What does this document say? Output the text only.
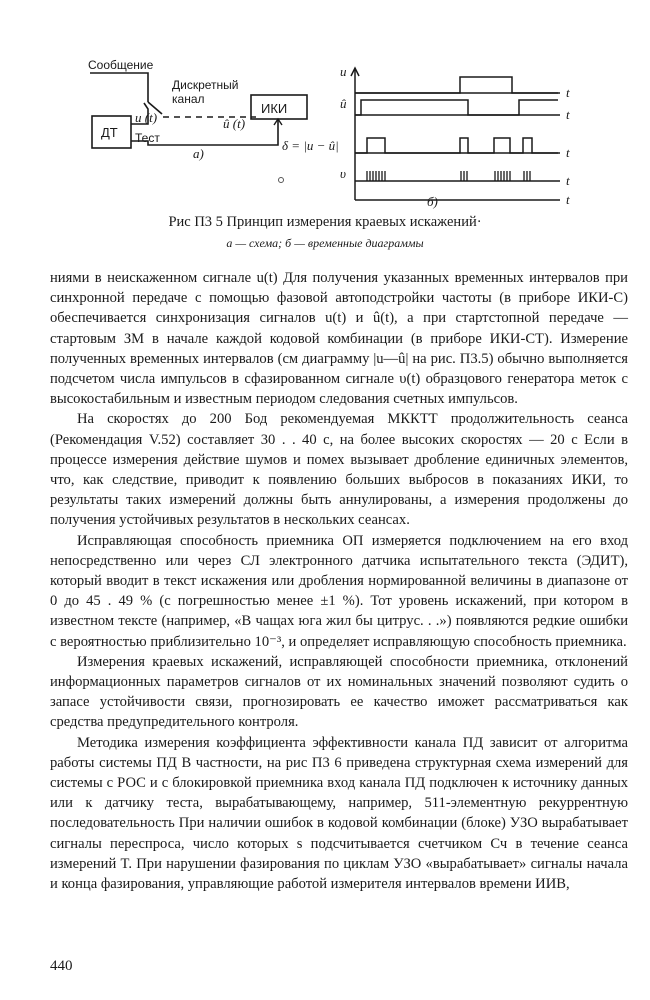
Сообщение
Дискретный
канал
ИКИ
ДТ
u (t)
Тест
û (t)
а)
u
û
δ = |u − û|
υ
t
t
t
t
t
б)
Рис П3 5 Принцип измерения краевых искажений·
а — схема; б — временные диаграммы

ниями в неискаженном сигнале u(t) Для получения указанных временных интервалов при синхронной передаче с помощью фазовой автоподстройки частоты (в приборе ИКИ-С) обеспечивается синхронизация сигналов u(t) и û(t), а при стартстопной передаче — стартовым ЗМ в начале каждой кодовой комбинации (в приборе ИКИ-СТ). Измерение полученных временных интервалов (см диаграмму |u—û| на рис. П3.5) обычно выполняется подсчетом числа импульсов в сфазированном сигнале υ(t) образцового генератора меток с высокостабильным и известным периодом следования счетных импульсов.

На скоростях до 200 Бод рекомендуемая МККТТ продолжительность сеанса (Рекомендация V.52) составляет 30 . . 40 с, на более высоких скоростях — 20 с Если в процессе измерения действие шумов и помех вызывает дробление единичных элементов, что, как следствие, приводит к появлению больших выбросов в показаниях ИКИ, то результаты таких измерений должны быть аннулированы, а измерения продолжены до получения устойчивых результатов в нескольких сеансах.

Исправляющая способность приемника ОП измеряется подключением на его вход непосредственно или через СЛ электронного датчика испытательного текста (ЭДИТ), который вводит в текст искажения или дробления нормированной величины в диапазоне от 0 до 45 . 49 % (с погрешностью менее ±1 %). Тот уровень искажений, при котором в известном тексте (например, «В чащах юга жил бы цитрус. . .») появляются редкие ошибки с вероятностью приблизительно 10⁻³, и определяет исправляющую способность приемника.

Измерения краевых искажений, исправляющей способности приемника, отклонений информационных параметров сигналов от их номинальных значений позволяют судить о запасе устойчивости связи, прогнозировать ее качество иможет рассматриваться как средства предупредительного контроля.

Методика измерения коэффициента эффективности канала ПД зависит от алгоритма работы системы ПД В частности, на рис П3 6 приведена структурная схема измерений для системы с РОС и с блокировкой приемника вход канала ПД подключен к источнику данных или к датчику теста, вырабатывающему, например, 511-элементную рекуррентную последовательность При наличии ошибок в кодовой комбинации (блоке) УЗО вырабатывает сигналы переспроса, число которых s подсчитывается счетчиком Сч в течение сеанса измерений T. При нарушении фазирования по циклам УЗО «вырабатывает» сигналы начала и конца фазирования, управляющие работой измерителя интервалов времени ИИВ,

440
